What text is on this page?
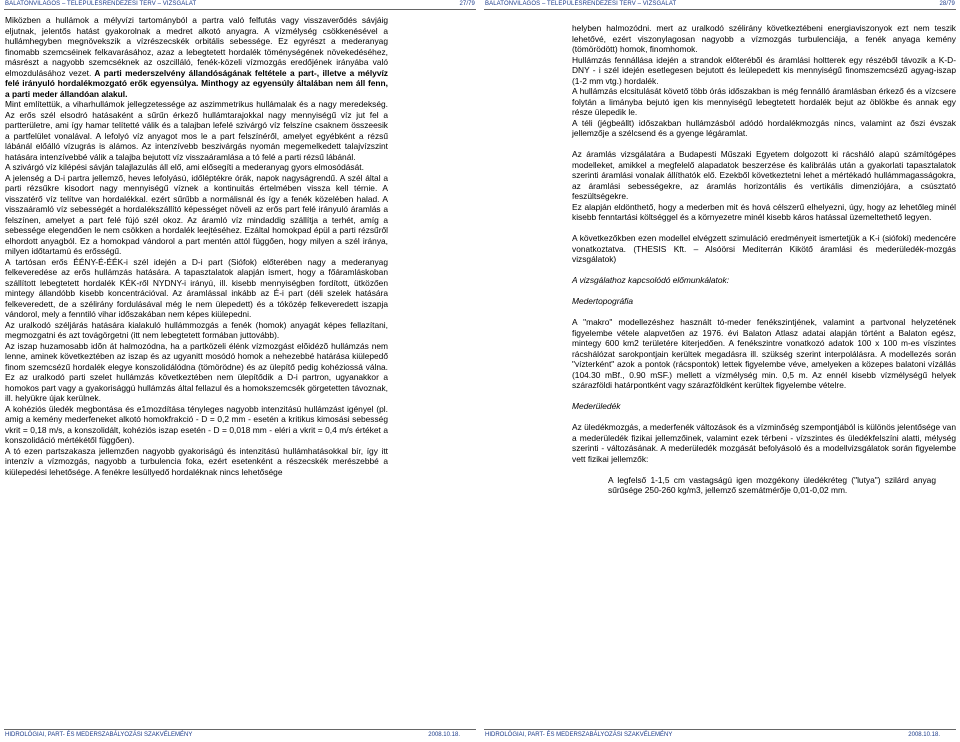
BALATONVILÁGOS – TELEPÜLÉSRENDEZÉSI TERV – VIZSGÁLAT	27/79

Miközben a hullámok a mélyvízi tartományból a partra való felfutás vagy visszaverődés sávjáig eljutnak, jelentős hatást gyakorolnak a medret alkotó anyagra. A vízmélység csökkenésével a hullámhegyben megnövekszik a vízrészecskék orbitális sebessége. Ez egyrészt a mederanyag finomabb szemcséinek felkavarásához, azaz a lebegtetett hordalék töménységének növekedéséhez, másrészt a nagyobb szemcséknek az oszcilláló, fenék-közeli vízmozgás eredőjének irányába való elmozdulásához vezet. A parti mederszelvény állandóságának feltétele a part-, illetve a mélyvíz felé irányuló hordalékmozgató erők egyensúlya. Minthogy az egyensúly általában nem áll fenn, a parti meder állandóan alakul.

Mint említettük, a viharhullámok jellegzetessége az aszimmetrikus hullámalak és a nagy meredekség. Az erős szél elsodró hatásaként a sűrűn érkező hullámtarajokkal nagy mennyiségű víz jut fel a partterületre, ami így hamar telítetté válik és a talajban lefelé szivárgó víz felszíne csaknem összeesik a partfelület vonalával. A lefolyó víz anyagot mos le a part felszínéről, amelyet egyébként a rézsű lábánál előálló vízugrás is alámos. Az intenzívebb beszivárgás nyomán megemelkedett talajvízszint hatására intenzívebbé válik a talajba bejutott víz visszaáramlása a tó felé a parti rézsű lábánál.

A szivárgó víz kilépési sávján talajlazulás áll elő, ami elősegíti a mederanyag gyors elmosódását.

A jelenség a D-i partra jellemző, heves lefolyású, időléptékre órák, napok nagyságrendű. A szél által a parti rézsűkre kisodort nagy mennyiségű víznek a kontinuitás értelmében vissza kell térnie. A visszatérő víz telítve van hordalékkal. ezért sűrűbb a normálisnál és így a fenék közelében halad. A visszaáramló víz sebességét a hordalékszállító képességet növeli az erős part felé irányuló áramlás a felszínen, amelyet a part felé fújó szél okoz. Az áramló víz mindaddig szállítja a terhét, amíg a sebessége elegendően le nem csökken a hordalék leejtéséhez. Ezáltal homokpad épül a parti rézsűről elhordott anyagból. Ez a homokpad vándorol a part mentén attól függően, hogy milyen a szél iránya, milyen időtartamú és erősségű.

A tartósan erős ÉÉNY-É-ÉÉK-i szél idején a D-i part (Siófok) előterében nagy a mederanyag felkeveredése az erős hullámzás hatására. A tapasztalatok alapján ismert, hogy a főáramláskoban szállított lebegtetett hordalék KÉK-ről NYDNY-i irányú, ill. kisebb mennyiségben fordított, ütközően mintegy állandóbb kisebb koncentrációval. Az áramlással inkább az É-i part (déli szelek hatására felkeveredett, de a szélirány fordulásával még le nem ülepedett) és a tóközép felkeveredett iszapja vándorol, mely a fenntiló vihar időszakában nem képes kiülepedni.

Az uralkodó széljárás hatására kialakuló hullámmozgás a fenék (homok) anyagát képes fellazítani, megmozgatni és azt továgörgetni (itt nem lebegtetett formában juttovább).

Az iszap huzamosabb idõn át halmozódna, ha a partközeli élénk vízmozgást elõidézõ hullámzás nem lenne, aminek következtében az iszap és az ugyanitt mosódó homok a nehezebbé határása kiülepedő finom szemcsézű hordalék elegye konszolidálódna (tömörödne) és az ülepítő pedig kohéziossá válna. Ez az uralkodó parti szelet hullámzás következtében nem ülepítődik a D-i partron, ugyanakkor a homokos part vagy a gyakorisággú hullámzás által fellazul és a homokszemcsék görgetetten távoznak, ill. helyükre újak kerülnek.

A kohéziós üledék megbontása és e1mozdítása tényleges nagyobb intenzitású hullámzást igényel (pl. amig a kemény mederfeneket alkotó homokfrakció - D = 0,2 mm - esetén a kritikus kimosási sebesség vkrit = 0,18 m/s, a konszolidált, kohéziós iszap esetén - D = 0,018 mm - eléri a vkrit = 0,4 m/s értéket a konszolidáció mértékétől függően).

A tó ezen partszakasza jellemzően nagyobb gyakoriságú és intenzitású hullámhatásokkal bír, így itt intenzív a vízmozgás, nagyobb a turbulencia foka, ezért esetenként a részecskék merészebbé a kiülepedési lehetősége. A fenékre lesüllyedő hordaléknak nincs lehetősége

HIDROLÓGIAI, PART- ÉS MEDERSZABÁLYOZÁSI SZAKVÉLEMÉNY	2008.10.18.
BALATONVILÁGOS – TELEPÜLÉSRENDEZÉSI TERV – VIZSGÁLAT	28/79

helyben halmozódni. mert az uralkodó szélirány következtébeni energiaviszonyok ezt nem teszik lehetővé, ezért viszonylagosan nagyobb a vízmozgás turbulenciája, a fenék anyaga kemény (tömörödött) homok, finomhomok.

Hullámzás fennállása idején a strandok előterébõl és áramlási holtterek egy részéből távozik a K-D-DNY - i szél idején esetlegesen bejutott és leülepedett kis mennyiségű finomszemcsézű agyag-iszap (1-2 mm vtg.) hordalék.

A hullámzás elcsitulását követő több órás időszakban is még fennálló áramlásban érkező és a vízcsere folytán a limányba bejutó igen kis mennyiségű lebegtetett hordalék bejut az öblökbe és annak egy része ülepedik le.

A téli (jégbeállt) időszakban hullámzásból adódó hordalékmozgás nincs, valamint az őszi évszak jellemzője a szélcsend és a gyenge légáramlat.

Az áramlás vizsgálatára a Budapesti Műszaki Egyetem dolgozott ki rácsháló alapú számítógépes modelleket, amikkel a megfelelő alapadatok beszerzése és kalibrálás után a gyakorlati tapasztalatok szerinti áramlási vonalak állíthatók elő. Ezekből következtetni lehet a mértékadó hullámmagasságokra, az áramlási sebességekre, az áramlás horizontális és vertikális dimenziójára, a csúsztató feszültségekre.

Ez alapján eldönthető, hogy a mederben mit és hová célszerű elhelyezni, úgy, hogy az lehetőleg minél kisebb fenntartási költséggel és a környezetre minél kisebb káros hatással üzemeltethető legyen.

A következőkben ezen modellel elvégzett szimuláció eredményeit ismertetjük a K-i (siófoki) medencére vonatkoztatva. (THESIS Kft. – Alsóörsi Mediterrán Kikötő áramlási és mederüledék-mozgás vizsgálatok)

A vizsgálathoz kapcsolódó előmunkálatok:

Medertopográfia

A "makro" modellezéshez használt tó-meder fenékszintjének, valamint a partvonal helyzetének figyelembe vétele alapvetően az 1976. évi Balaton Atlasz adatai alapján történt a Balaton egész, mintegy 600 km2 területére kiterjedően. A fenékszintre vonatkozó adatok 100 x 100 m-es víszintes rácshálózat sarokpontjain kerültek megadásra ill. szükség szerint interpolálásra. A modellezés során "vízterként" azok a pontok (rácspontok) lettek figyelembe véve, amelyeken a közepes balatoni vízállás (104.30 mBf., 0.90 mSF.) mellett a vízmélység min. 0,5 m. Az ennél kisebb vízmélységű helyek szárazföldi határpontként vagy szárazföldként kerültek figyelembe vételre.

Mederüledék

Az üledékmozgás, a mederfenék változások és a vízminőség szempontjából is különös jelentősége van a mederüledék fizikai jellemzőinek, valamint ezek térbeni - vízszintes és üledékfelszíni alatti, mélység szerinti - változásának. A mederüledék mozgását befolyásoló és a modellvizsgálatok során figyelembe vett fizikai jellemzők:

A legfelső 1-1,5 cm vastagságú igen mozgékony üledékréteg ("lutya") szilárd anyag sűrűsége 250-260 kg/m3, jellemző szemátmérője 0,01-0,02 mm.

HIDROLÓGIAI, PART- ÉS MEDERSZABÁLYOZÁSI SZAKVÉLEMÉNY	2008.10.18.
